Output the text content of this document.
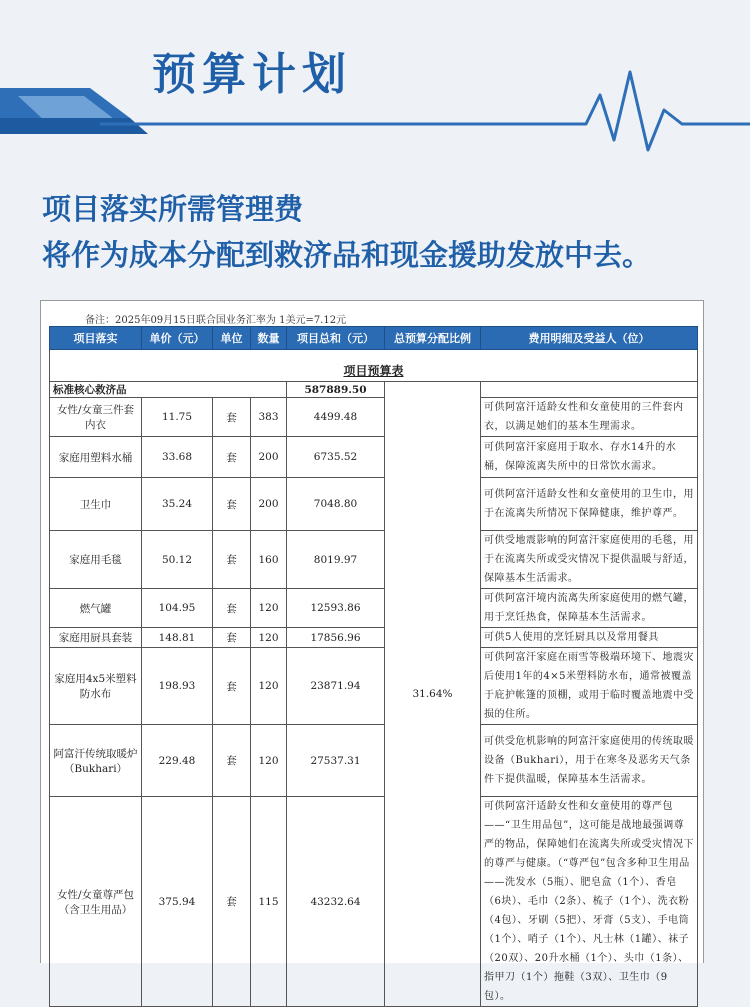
预算计划
项目落实所需管理费
将作为成本分配到救济品和现金援助发放中去。
备注：2025年09月15日联合国业务汇率为 1美元=7.12元
项目预算表						
项目落实	单价（元）	单位	数量	项目总和（元）	总预算分配比例	费用明细及受益人（位）
标准核心救济品				587889.50	31.64%	
女性/女童三件套内衣	11.75	套	383	4499.48		可供阿富汗适龄女性和女童使用的三件套内衣，以满足她们的基本生理需求。
家庭用塑料水桶	33.68	套	200	6735.52		可供阿富汗家庭用于取水、存水14升的水桶，保障流离失所中的日常饮水需求。
卫生巾	35.24	套	200	7048.80		可供阿富汗适龄女性和女童使用的卫生巾，用于在流离失所情况下保障健康，维护尊严。
家庭用毛毯	50.12	套	160	8019.97		可供受地震影响的阿富汗家庭使用的毛毯，用于在流离失所或受灾情况下提供温暖与舒适，保障基本生活需求。
燃气罐	104.95	套	120	12593.86		可供阿富汗境内流离失所家庭使用的燃气罐，用于烹饪热食，保障基本生活需求。
家庭用厨具套装	148.81	套	120	17856.96		可供5人使用的烹饪厨具以及常用餐具
家庭用4x5米塑料防水布	198.93	套	120	23871.94		可供阿富汗家庭在雨雪等极端环境下、地震灾后使用1年的4×5米塑料防水布，通常被覆盖于庇护帐篷的顶棚，或用于临时覆盖地震中受损的住所。
阿富汗传统取暖炉（Bukhari）	229.48	套	120	27537.31		可供受危机影响的阿富汗家庭使用的传统取暖设备（Bukhari），用于在寒冬及恶劣天气条件下提供温暖，保障基本生活需求。
女性/女童尊严包（含卫生用品）	375.94	套	115	43232.64		可供阿富汗适龄女性和女童使用的尊严包——“卫生用品包”，这可能是战地最强调尊严的物品，保障她们在流离失所或受灾情况下的尊严与健康。（“尊严包”包含多种卫生用品——洗发水（5瓶）、肥皂盒（1个）、香皂（6块）、毛巾（2条）、梳子（1个）、洗衣粉（4包）、牙刷（5把）、牙膏（5支）、手电筒（1个）、哨子（1个）、凡士林（1罐）、袜子（20双）、20升水桶（1个）、头巾（1条）、指甲刀（1个）拖鞋（3双）、卫生巾（9包）。
